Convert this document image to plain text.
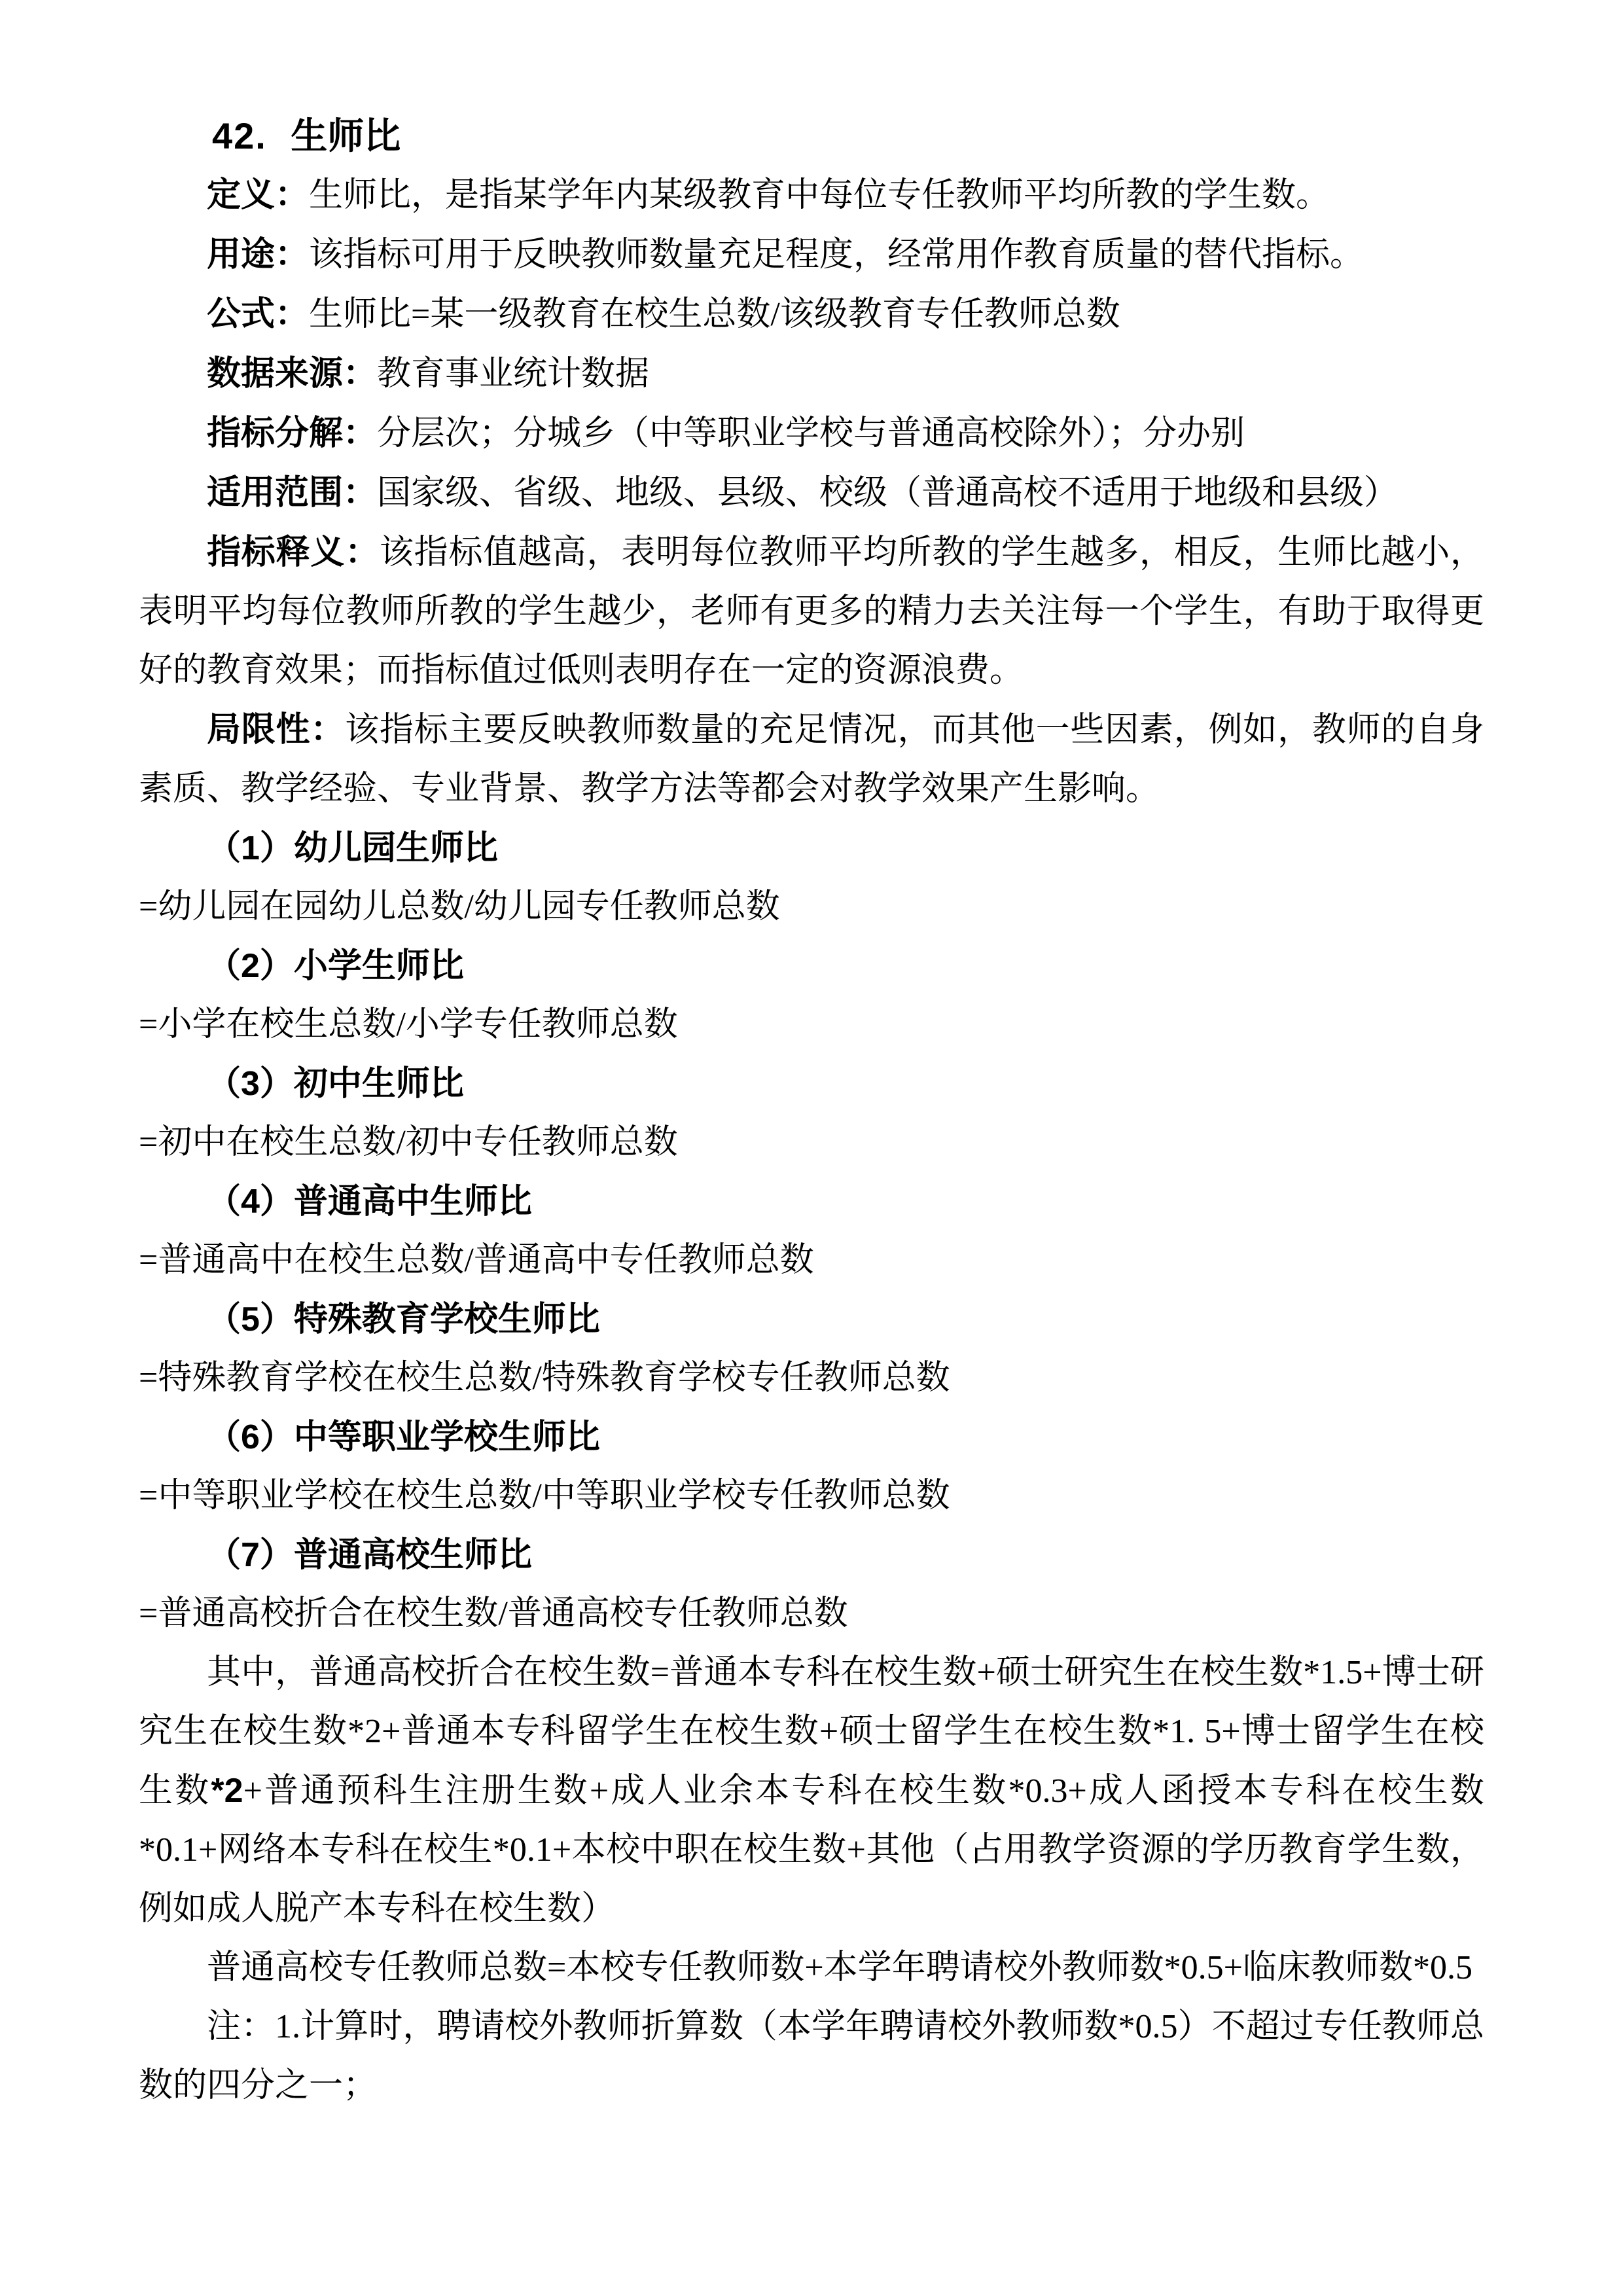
42. 生师比

定义：生师比，是指某学年内某级教育中每位专任教师平均所教的学生数。

用途：该指标可用于反映教师数量充足程度，经常用作教育质量的替代指标。

公式：生师比=某一级教育在校生总数/该级教育专任教师总数

数据来源：教育事业统计数据

指标分解：分层次；分城乡（中等职业学校与普通高校除外）；分办别

适用范围：国家级、省级、地级、县级、校级（普通高校不适用于地级和县级）

指标释义：该指标值越高，表明每位教师平均所教的学生越多，相反，生师比越小，表明平均每位教师所教的学生越少，老师有更多的精力去关注每一个学生，有助于取得更好的教育效果；而指标值过低则表明存在一定的资源浪费。

局限性：该指标主要反映教师数量的充足情况，而其他一些因素，例如，教师的自身素质、教学经验、专业背景、教学方法等都会对教学效果产生影响。

（1）幼儿园生师比

=幼儿园在园幼儿总数/幼儿园专任教师总数

（2）小学生师比

=小学在校生总数/小学专任教师总数

（3）初中生师比

=初中在校生总数/初中专任教师总数

（4）普通高中生师比

=普通高中在校生总数/普通高中专任教师总数

（5）特殊教育学校生师比

=特殊教育学校在校生总数/特殊教育学校专任教师总数

（6）中等职业学校生师比

=中等职业学校在校生总数/中等职业学校专任教师总数

（7）普通高校生师比

=普通高校折合在校生数/普通高校专任教师总数

其中，普通高校折合在校生数=普通本专科在校生数+硕士研究生在校生数*1.5+博士研究生在校生数*2+普通本专科留学生在校生数+硕士留学生在校生数*1. 5+博士留学生在校生数*2+普通预科生注册生数+成人业余本专科在校生数*0.3+成人函授本专科在校生数*0.1+网络本专科在校生*0.1+本校中职在校生数+其他（占用教学资源的学历教育学生数，例如成人脱产本专科在校生数）

普通高校专任教师总数=本校专任教师数+本学年聘请校外教师数*0.5+临床教师数*0.5

注：1.计算时，聘请校外教师折算数（本学年聘请校外教师数*0.5）不超过专任教师总数的四分之一；
